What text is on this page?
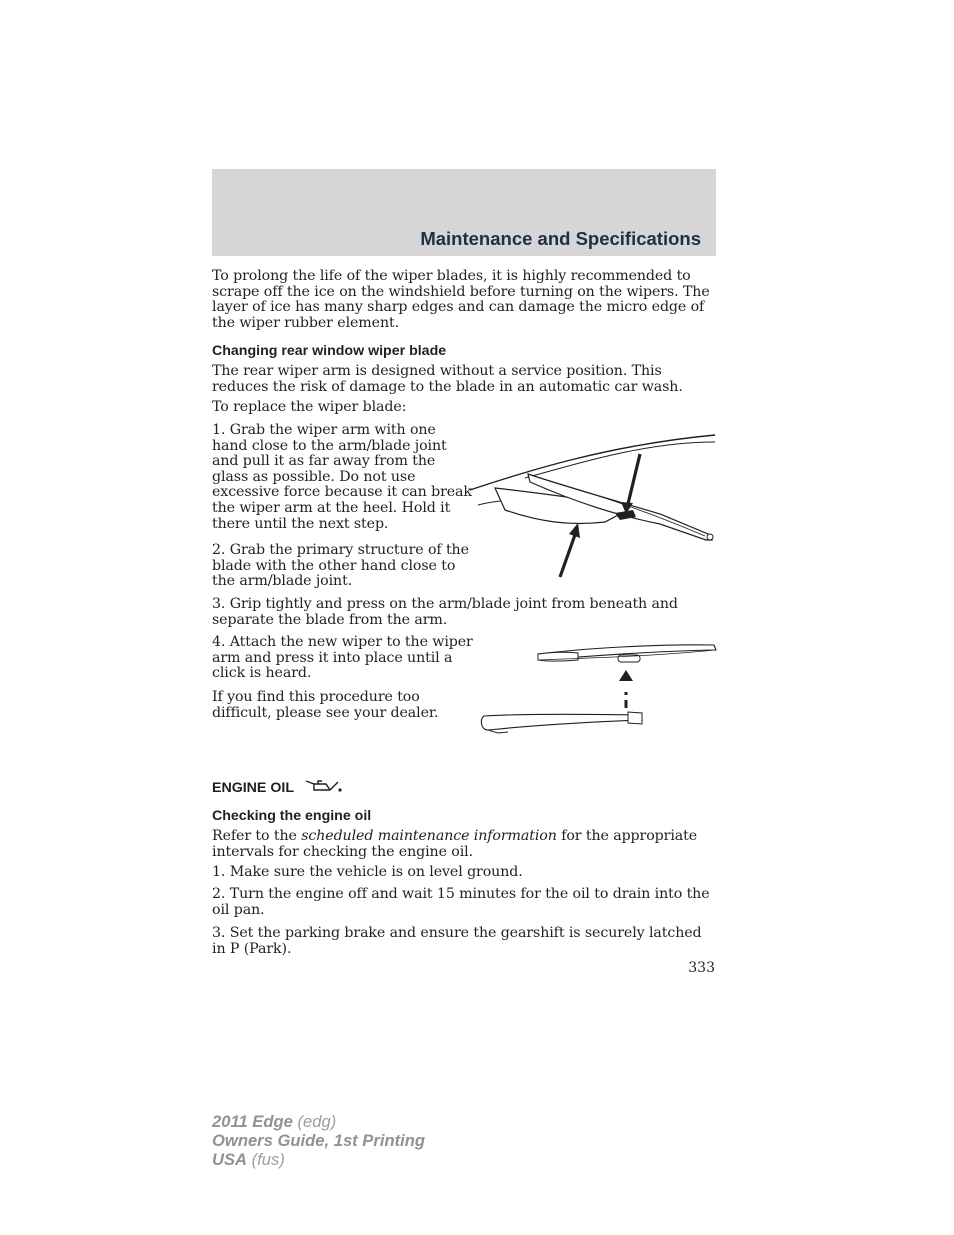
Maintenance and Specifications

To prolong the life of the wiper blades, it is highly recommended to scrape off the ice on the windshield before turning on the wipers. The layer of ice has many sharp edges and can damage the micro edge of the wiper rubber element.

Changing rear window wiper blade

The rear wiper arm is designed without a service position. This reduces the risk of damage to the blade in an automatic car wash.

To replace the wiper blade:

1. Grab the wiper arm with one hand close to the arm/blade joint and pull it as far away from the glass as possible. Do not use excessive force because it can break the wiper arm at the heel. Hold it there until the next step.

2. Grab the primary structure of the blade with the other hand close to the arm/blade joint.

3. Grip tightly and press on the arm/blade joint from beneath and separate the blade from the arm.

4. Attach the new wiper to the wiper arm and press it into place until a click is heard.

If you find this procedure too difficult, please see your dealer.

ENGINE OIL
Checking the engine oil

Refer to the scheduled maintenance information for the appropriate intervals for checking the engine oil.

1. Make sure the vehicle is on level ground.

2. Turn the engine off and wait 15 minutes for the oil to drain into the oil pan.

3. Set the parking brake and ensure the gearshift is securely latched in P (Park).

333
2011 Edge (edg)
Owners Guide, 1st Printing
USA (fus)
